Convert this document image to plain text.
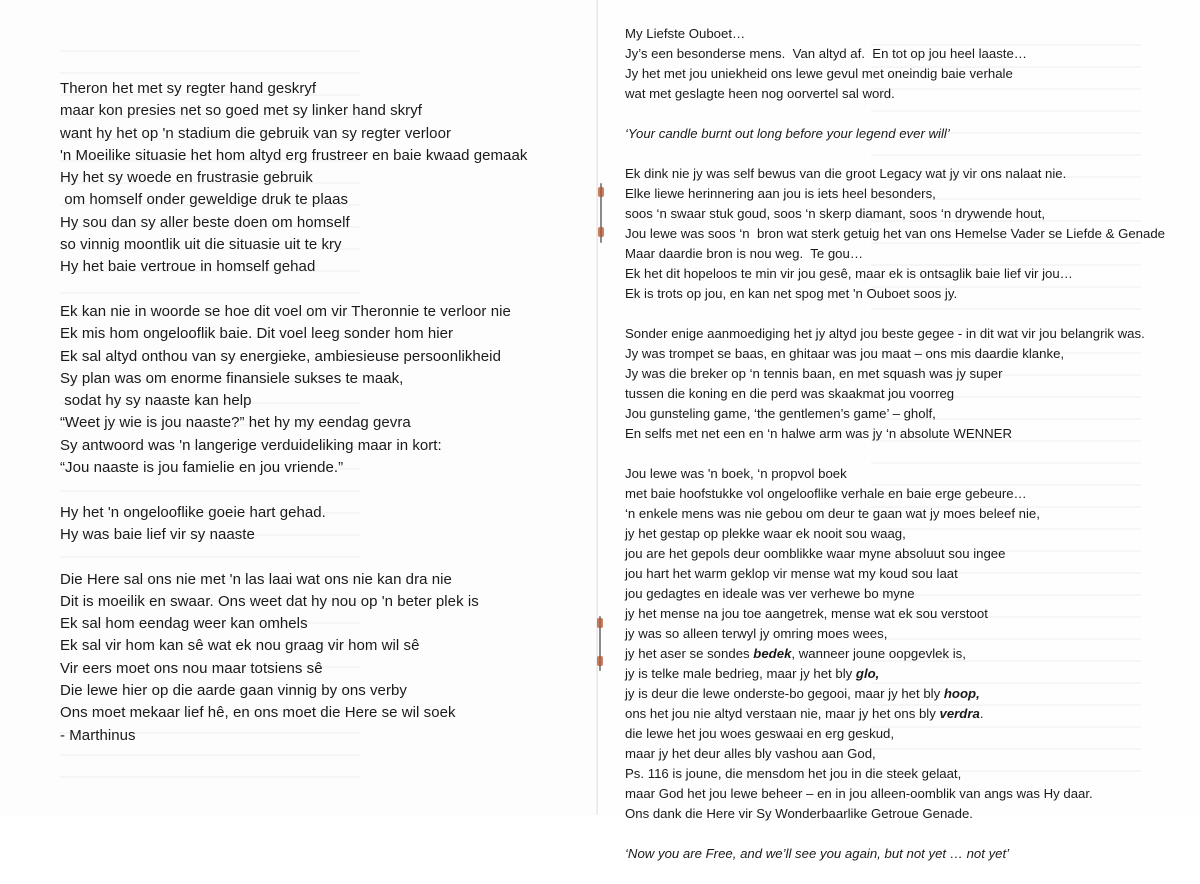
Theron het met sy regter hand geskryf
maar kon presies net so goed met sy linker hand skryf
want hy het op 'n stadium die gebruik van sy regter verloor
'n Moeilike situasie het hom altyd erg frustreer en baie kwaad gemaak
Hy het sy woede en frustrasie gebruik
om homself onder geweldige druk te plaas
Hy sou dan sy aller beste doen om homself
so vinnig moontlik uit die situasie uit te kry
Hy het baie vertroue in homself gehad
Ek kan nie in woorde se hoe dit voel om vir Theronnie te verloor nie
Ek mis hom ongelooflik baie. Dit voel leeg sonder hom hier
Ek sal altyd onthou van sy energieke, ambiesieuse persoonlikheid
Sy plan was om enorme finansiele sukses te maak,
sodat hy sy naaste kan help
“Weet jy wie is jou naaste?” het hy my eendag gevra
Sy antwoord was 'n langerige verduideliking maar in kort:
“Jou naaste is jou famielie en jou vriende.”
Hy het 'n ongelooflike goeie hart gehad.
Hy was baie lief vir sy naaste
Die Here sal ons nie met 'n las laai wat ons nie kan dra nie
Dit is moeilik en swaar. Ons weet dat hy nou op 'n beter plek is
Ek sal hom eendag weer kan omhels
Ek sal vir hom kan sê wat ek nou graag vir hom wil sê
Vir eers moet ons nou maar totsiens sê
Die lewe hier op die aarde gaan vinnig by ons verby
Ons moet mekaar lief hê, en ons moet die Here se wil soek
- Marthinus
My Liefste Ouboet…
Jy’s een besonderse mens.  Van altyd af.  En tot op jou heel laaste…
Jy het met jou uniekheid ons lewe gevul met oneindig baie verhale
wat met geslagte heen nog oorvertel sal word.
‘Your candle burnt out long before your legend ever will’
Ek dink nie jy was self bewus van die groot Legacy wat jy vir ons nalaat nie.
Elke liewe herinnering aan jou is iets heel besonders,
soos ‘n swaar stuk goud, soos ‘n skerp diamant, soos ‘n drywende hout,
Jou lewe was soos ‘n  bron wat sterk getuig het van ons Hemelse Vader se Liefde & Genade
Maar daardie bron is nou weg.  Te gou…
Ek het dit hopeloos te min vir jou gesê, maar ek is ontsaglik baie lief vir jou…
Ek is trots op jou, en kan net spog met 'n Ouboet soos jy.
Sonder enige aanmoediging het jy altyd jou beste gegee - in dit wat vir jou belangrik was.
Jy was trompet se baas, en ghitaar was jou maat – ons mis daardie klanke,
Jy was die breker op ‘n tennis baan, en met squash was jy super
tussen die koning en die perd was skaakmat jou voorreg
Jou gunsteling game, ‘the gentlemen’s game’ – gholf,
En selfs met net een en ‘n halwe arm was jy ‘n absolute WENNER
Jou lewe was 'n boek, ‘n propvol boek
met baie hoofstukke vol ongelooflike verhale en baie erge gebeure…
‘n enkele mens was nie gebou om deur te gaan wat jy moes beleef nie,
jy het gestap op plekke waar ek nooit sou waag,
jou are het gepols deur oomblikke waar myne absoluut sou ingee
jou hart het warm geklop vir mense wat my koud sou laat
jou gedagtes en ideale was ver verhewe bo myne
jy het mense na jou toe aangetrek, mense wat ek sou verstoot
jy was so alleen terwyl jy omring moes wees,
jy het aser se sondes bedek, wanneer joune oopgevlek is,
jy is telke male bedrieg, maar jy het bly glo,
jy is deur die lewe onderste-bo gegooi, maar jy het bly hoop,
ons het jou nie altyd verstaan nie, maar jy het ons bly verdra.
die lewe het jou woes geswaai en erg geskud,
maar jy het deur alles bly vashou aan God,
Ps. 116 is joune, die mensdom het jou in die steek gelaat,
maar God het jou lewe beheer – en in jou alleen-oomblik van angs was Hy daar.
Ons dank die Here vir Sy Wonderbaarlike Getroue Genade.
‘Now you are Free, and we’ll see you again, but not yet … not yet’
